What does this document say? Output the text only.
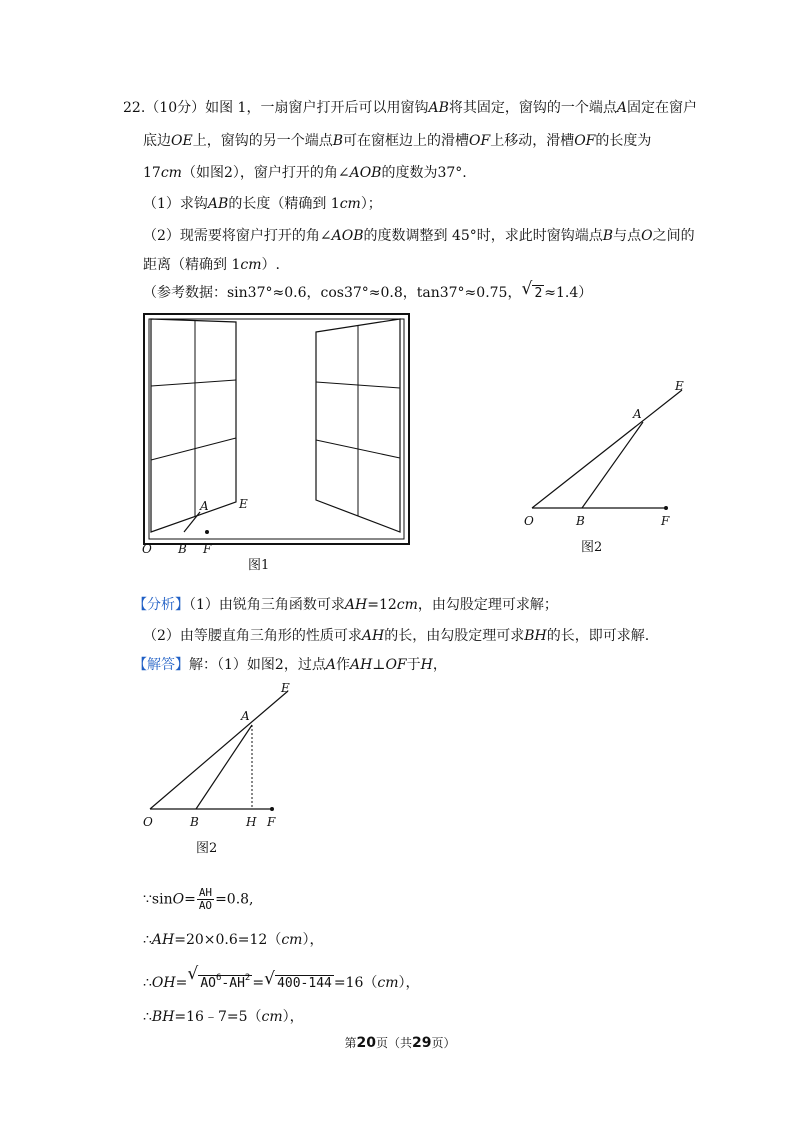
22.（10分）如图 1，一扇窗户打开后可以用窗钩AB将其固定，窗钩的一个端点A固定在窗户
底边OE上，窗钩的另一个端点B可在窗框边上的滑槽OF上移动，滑槽OF的长度为
17cm（如图2），窗户打开的角∠AOB的度数为37°.
（1）求钩AB的长度（精确到 1cm）；
（2）现需要将窗户打开的角∠AOB的度数调整到 45°时，求此时窗钩端点B与点O之间的
距离（精确到 1cm）.
（参考数据：sin37°≈0.6，cos37°≈0.8，tan37°≈0.75， √ 2 ≈1.4）
O B F
A	E
图1
O	B	F
A
E
图2
【分析】（1）由锐角三角函数可求AH=12cm，由勾股定理可求解；
（2）由等腰直角三角形的性质可求AH的长，由勾股定理可求BH的长，即可求解.
【解答】解：（1）如图2，过点A作AH⊥OF于H，
O	B	H F
A
E
图2
∵sinO= $\frac{AH}{AO} =0.8$,
∴AH=20×0.6=12（cm），
∴OH= √ $AO^6-AH^2$ = √ 400-144 =16（cm），
∴BH=16﹣7=5（cm），
第20页（共29页）
